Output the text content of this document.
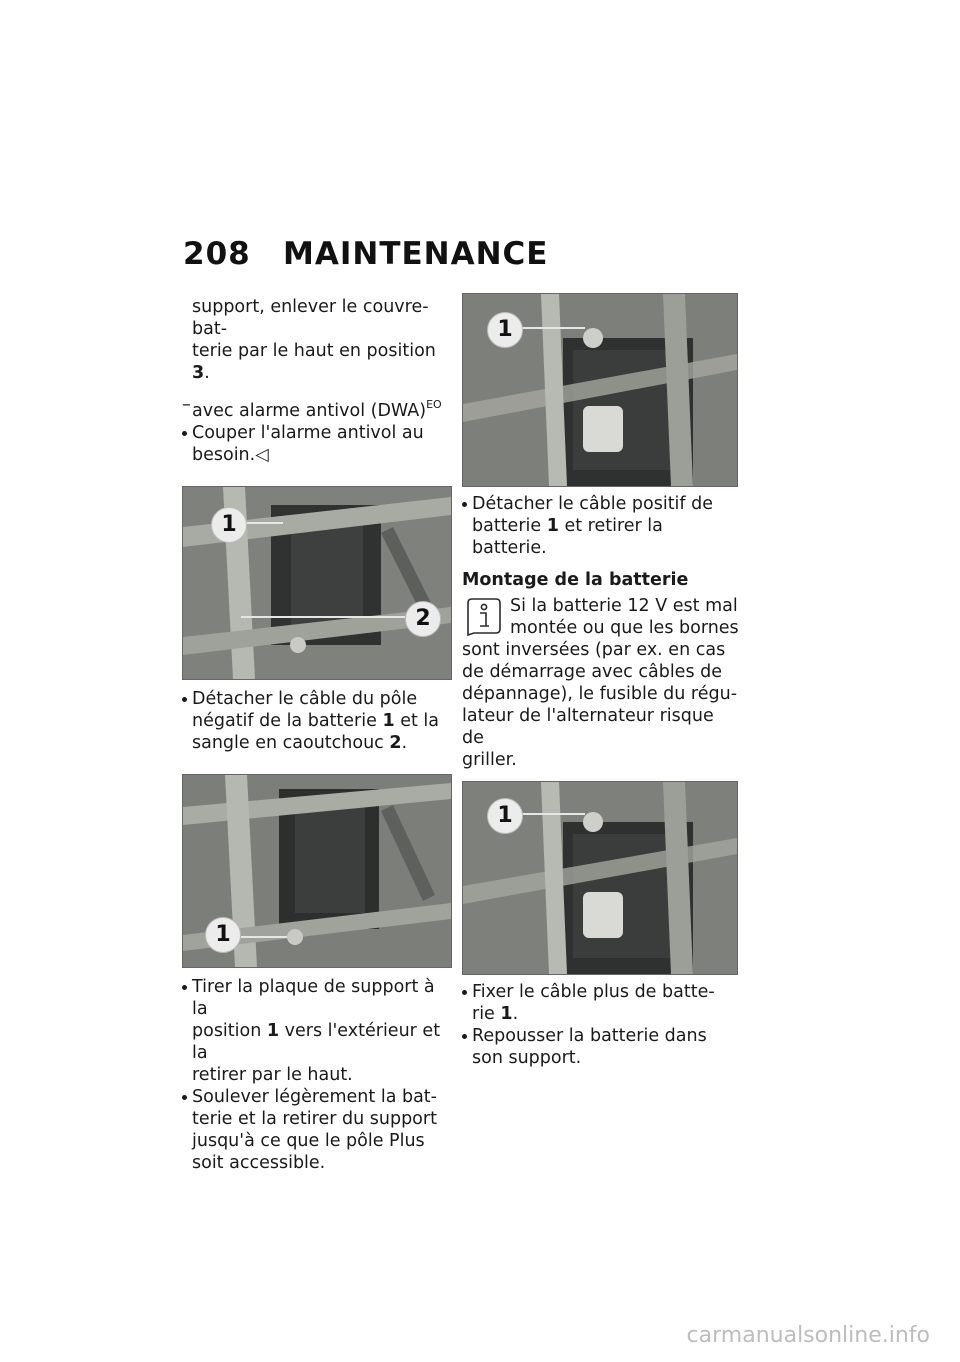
208 MAINTENANCE

support, enlever le couvre-bat-
terie par le haut en position 3.

– avec alarme antivol (DWA)$^{EO}$

Couper l'alarme antivol au
besoin.◁

1
2

Détacher le câble du pôle
négatif de la batterie 1 et la
sangle en caoutchouc 2.

1

Tirer la plaque de support à la
position 1 vers l'extérieur et la
retirer par le haut.

Soulever légèrement la bat-
terie et la retirer du support
jusqu'à ce que le pôle Plus
soit accessible.

1

Détacher le câble positif de
batterie 1 et retirer la batterie.

Montage de la batterie

Si la batterie 12 V est mal

montée ou que les bornes

sont inversées (par ex. en cas

de démarrage avec câbles de

dépannage), le fusible du régu-

lateur de l'alternateur risque de

griller.

1

Fixer le câble plus de batte-
rie 1.

Repousser la batterie dans
son support.

carmanualsonline.info
